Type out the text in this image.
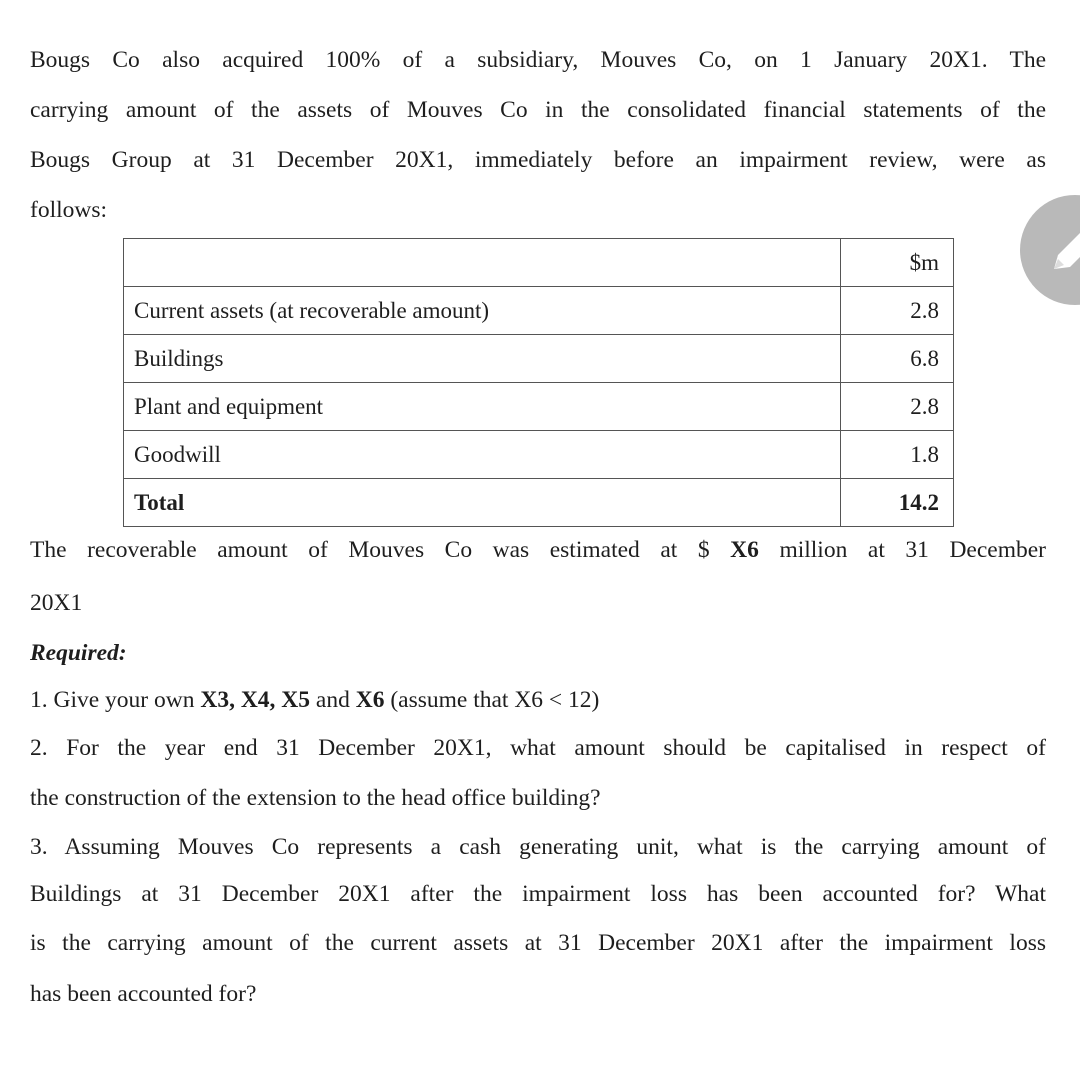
Bougs Co also acquired 100% of a subsidiary, Mouves Co, on 1 January 20X1. The
carrying amount of the assets of Mouves Co in the consolidated financial statements of the
Bougs Group at 31 December 20X1, immediately before an impairment review, were as
follows:
	$m
Current assets (at recoverable amount)	2.8
Buildings	6.8
Plant and equipment	2.8
Goodwill	1.8
Total	14.2
The recoverable amount of Mouves Co was estimated at $ X6 million at 31 December
20X1
Required:
1. Give your own X3, X4, X5 and X6 (assume that X6 < 12)
2. For the year end 31 December 20X1, what amount should be capitalised in respect of
the construction of the extension to the head office building?
3. Assuming Mouves Co represents a cash generating unit, what is the carrying amount of
Buildings at 31 December 20X1 after the impairment loss has been accounted for? What
is the carrying amount of the current assets at 31 December 20X1 after the impairment loss
has been accounted for?
